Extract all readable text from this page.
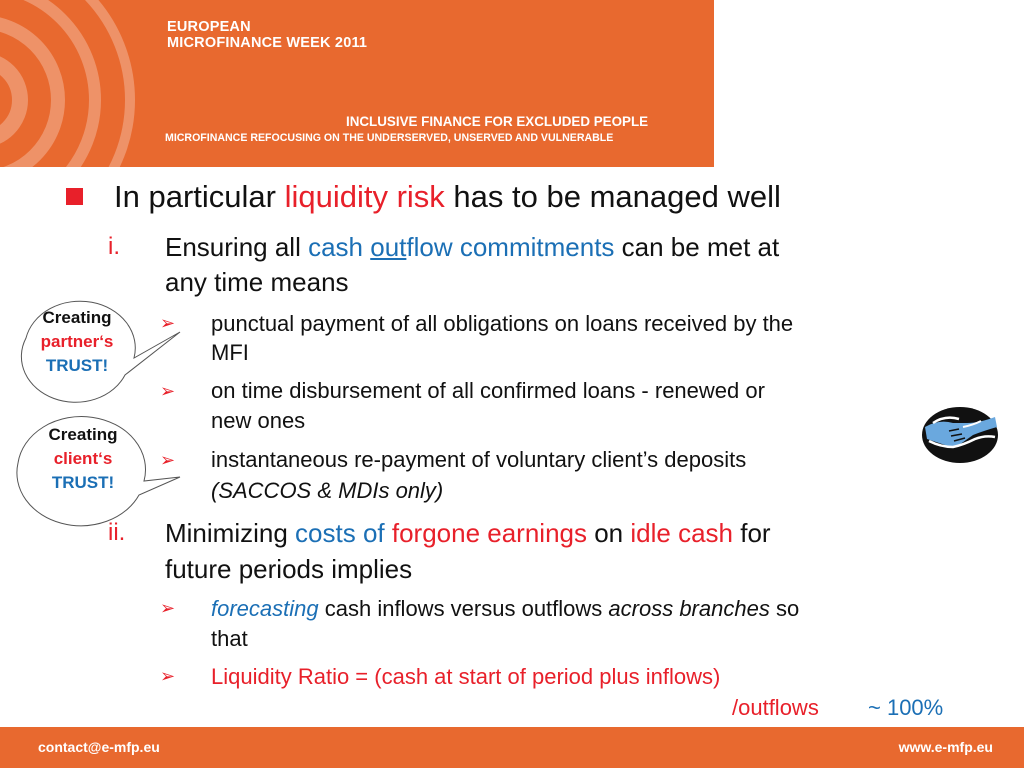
EUROPEAN
MICROFINANCE WEEK 2011
INCLUSIVE FINANCE FOR EXCLUDED PEOPLE
MICROFINANCE REFOCUSING ON THE UNDERSERVED, UNSERVED AND VULNERABLE
In particular liquidity risk has to be managed well
i. Ensuring all cash outflow commitments can be met at
any time means
➢ punctual payment of all obligations on loans received by the
MFI
➢ on time disbursement of all confirmed loans - renewed or
new ones
➢ instantaneous re-payment of voluntary client’s deposits
(SACCOS & MDIs only)
ii. Minimizing costs of forgone earnings on idle cash for
future periods implies
➢ forecasting cash inflows versus outflows across branches so
that
➢ Liquidity Ratio = (cash at start of period plus inflows)
/outflows ~ 100%
Creating
partner‘s
TRUST!
Creating
client‘s
TRUST!
contact@e-mfp.eu	www.e-mfp.eu
